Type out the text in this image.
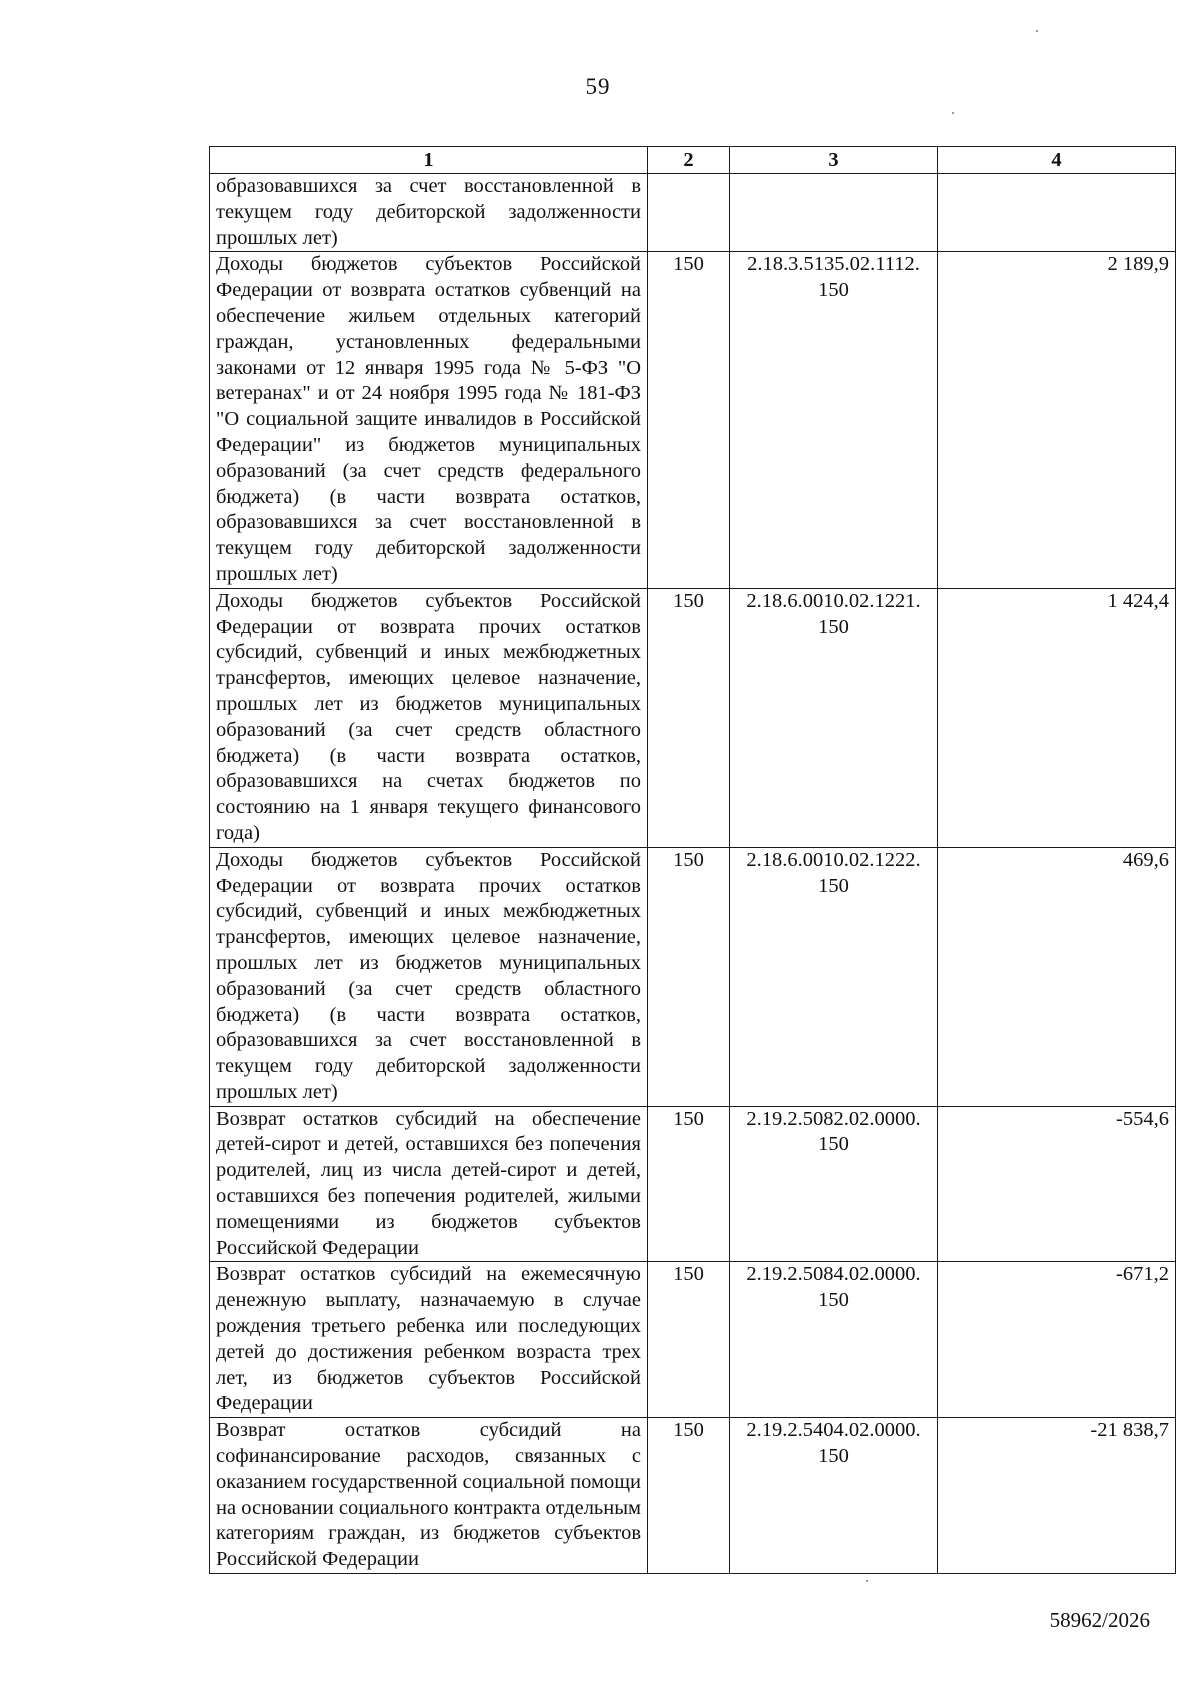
59
1	2	3	4
образовавшихся за счет восстановленной в текущем году дебиторской задолженности прошлых лет)			
Доходы бюджетов субъектов Российской Федерации от возврата остатков субвенций на обеспечение жильем отдельных категорий граждан, установленных федеральными законами от 12 января 1995 года № 5-ФЗ "О ветеранах" и от 24 ноября 1995 года № 181-ФЗ "О социальной защите инвалидов в Российской Федерации" из бюджетов муниципальных образований (за счет средств федерального бюджета) (в части возврата остатков, образовавшихся за счет восстановленной в текущем году дебиторской задолженности прошлых лет)	150	2.18.3.5135.02.1112. 150	2 189,9
Доходы бюджетов субъектов Российской Федерации от возврата прочих остатков субсидий, субвенций и иных межбюджетных трансфертов, имеющих целевое назначение, прошлых лет из бюджетов муниципальных образований (за счет средств областного бюджета) (в части возврата остатков, образовавшихся на счетах бюджетов по состоянию на 1 января текущего финансового года)	150	2.18.6.0010.02.1221. 150	1 424,4
Доходы бюджетов субъектов Российской Федерации от возврата прочих остатков субсидий, субвенций и иных межбюджетных трансфертов, имеющих целевое назначение, прошлых лет из бюджетов муниципальных образований (за счет средств областного бюджета) (в части возврата остатков, образовавшихся за счет восстановленной в текущем году дебиторской задолженности прошлых лет)	150	2.18.6.0010.02.1222. 150	469,6
Возврат остатков субсидий на обеспечение детей-сирот и детей, оставшихся без попечения родителей, лиц из числа детей-сирот и детей, оставшихся без попечения родителей, жилыми помещениями из бюджетов субъектов Российской Федерации	150	2.19.2.5082.02.0000. 150	-554,6
Возврат остатков субсидий на ежемесячную денежную выплату, назначаемую в случае рождения третьего ребенка или последующих детей до достижения ребенком возраста трех лет, из бюджетов субъектов Российской Федерации	150	2.19.2.5084.02.0000. 150	-671,2
Возврат остатков субсидий на софинансирование расходов, связанных с оказанием государственной социальной помощи на основании социального контракта отдельным категориям граждан, из бюджетов субъектов Российской Федерации	150	2.19.2.5404.02.0000. 150	-21 838,7
58962/2026
